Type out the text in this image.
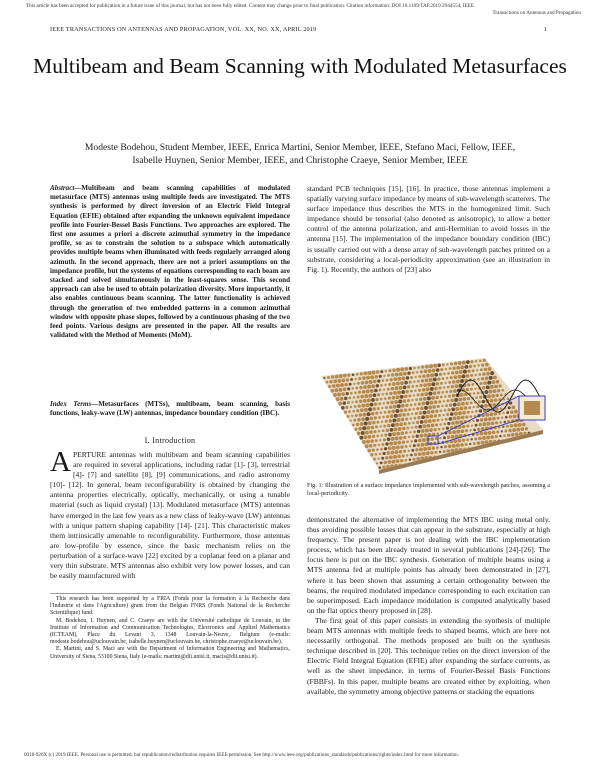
This article has been accepted for publication in a future issue of this journal, but has not been fully edited. Content may change prior to final publication. Citation information: DOI 10.1109/TAP.2019.2944554, IEEE
Transactions on Antennas and Propagation
IEEE TRANSACTIONS ON ANTENNAS AND PROPAGATION, VOL. XX, NO. XX, APRIL 2019	1
Multibeam and Beam Scanning with Modulated Metasurfaces
Modeste Bodehou, Student Member, IEEE, Enrica Martini, Senior Member, IEEE, Stefano Maci, Fellow, IEEE,
Isabelle Huynen, Senior Member, IEEE, and Christophe Craeye, Senior Member, IEEE
Abstract—Multibeam and beam scanning capabilities of modulated metasurface (MTS) antennas using multiple feeds are investigated. The MTS synthesis is performed by direct inversion of an Electric Field Integral Equation (EFIE) obtained after expanding the unknown equivalent impedance profile into Fourier-Bessel Basis Functions. Two approaches are explored. The first one assumes a priori a discrete azimuthal symmetry in the impedance profile, so as to constrain the solution to a subspace which automatically provides multiple beams when illuminated with feeds regularly arranged along azimuth. In the second approach, there are not a priori assumptions on the impedance profile, but the systems of equations corresponding to each beam are stacked and solved simultaneously in the least-squares sense. This second approach can also be used to obtain polarization diversity. More importantly, it also enables continuous beam scanning. The latter functionality is achieved through the generation of two embedded patterns in a common azimuthal window with opposite phase slopes, followed by a continuous phasing of the two feed points. Various designs are presented in the paper. All the results are validated with the Method of Moments (MoM).
Index Terms—Metasurfaces (MTSs), multibeam, beam scanning, basis functions, leaky-wave (LW) antennas, impedance boundary condition (IBC).
I. Introduction

APERTURE antennas with multibeam and beam scanning capabilities are required in several applications, including radar [1]- [3], terrestrial [4]- [7] and satellite [8], [9] communications, and radio astronomy [10]- [12]. In general, beam reconfigurability is obtained by changing the antenna properties electrically, optically, mechanically, or using a tunable material (such as liquid crystal) [13]. Modulated metasurface (MTS) antennas have emerged in the last few years as a new class of leaky-wave (LW) antennas with a unique pattern shaping capability [14]- [21]. This characteristic makes them intrinsically amenable to reconfigurability. Furthermore, those antennas are low-profile by essence, since the basic mechanism relies on the perturbation of a surface-wave [22] excited by a coplanar feed on a planar and very thin substrate. MTS antennas also exhibit very low power losses, and can be easily manufactured with

This research has been supported by a FRIA (Fonds pour la formation à la Recherche dans l'Industrie et dans l'Agriculture) grant from the Belgian FNRS (Fonds National de la Recherche Scientifique) fund.

M. Bodehou, I. Huynen, and C. Craeye are with the Université catholique de Louvain, in the Institute of Information and Communication Technologies, Electronics and Applied Mathematics (ICTEAM), Place du Levant 3, 1348 Louvain-la-Neuve, Belgium (e-mails: modeste.bodehou@uclouvain.be, isabelle.huynen@uclouvain.be, christophe.craeye@uclouvain.be).

E. Martini, and S. Maci are with the Department of Information Engineering and Mathematics, University of Siena, 53100 Siena, Italy (e-mails: martini@dii.unisi.it, macis@dii.unisi.it).

standard PCB techniques [15], [16]. In practice, those antennas implement a spatially varying surface impedance by means of sub-wavelength scatterers. The surface impedance thus describes the MTS in the homogenized limit. Such impedance should be tensorial (also denoted as anisotropic), to allow a better control of the antenna polarization, and anti-Hermitian to avoid losses in the antenna [15]. The implementation of the impedance boundary condition (IBC) is usually carried out with a dense array of sub-wavelength patches printed on a substrate, considering a local-periodicity approximation (see an illustration in Fig. 1). Recently, the authors of [23] also

Fig. 1: Illustration of a surface impedance implemented with sub-wavelength patches, assuming a local-periodicity.

demonstrated the alternative of implementing the MTS IBC using metal only, thus avoiding possible losses that can appear in the substrate, especially at high frequency. The present paper is not dealing with the IBC implementation process, which has been already treated in several publications [24]-[26]. The focus here is put on the IBC synthesis. Generation of multiple beams using a MTS antenna fed at multiple points has already been demonstrated in [27], where it has been shown that assuming a certain orthogonality between the beams, the required modulated impedance corresponding to each excitation can be superimposed. Each impedance modulation is computed analytically based on the flat optics theory proposed in [28].

The first goal of this paper consists in extending the synthesis of multiple beam MTS antennas with multiple feeds to shaped beams, which are here not necessarily orthogonal. The methods proposed are built on the synthesis technique described in [20]. This technique relies on the direct inversion of the Electric Field Integral Equation (EFIE) after expanding the surface currents, as well as the sheet impedance, in terms of Fourier-Bessel Basis Functions (FBBFs). In this paper, multiple beams are created either by exploiting, when available, the symmetry among objective patterns or stacking the equations

0018-926X (c) 2019 IEEE. Personal use is permitted, but republication/redistribution requires IEEE permission. See http://www.ieee.org/publications_standards/publications/rights/index.html for more information.
